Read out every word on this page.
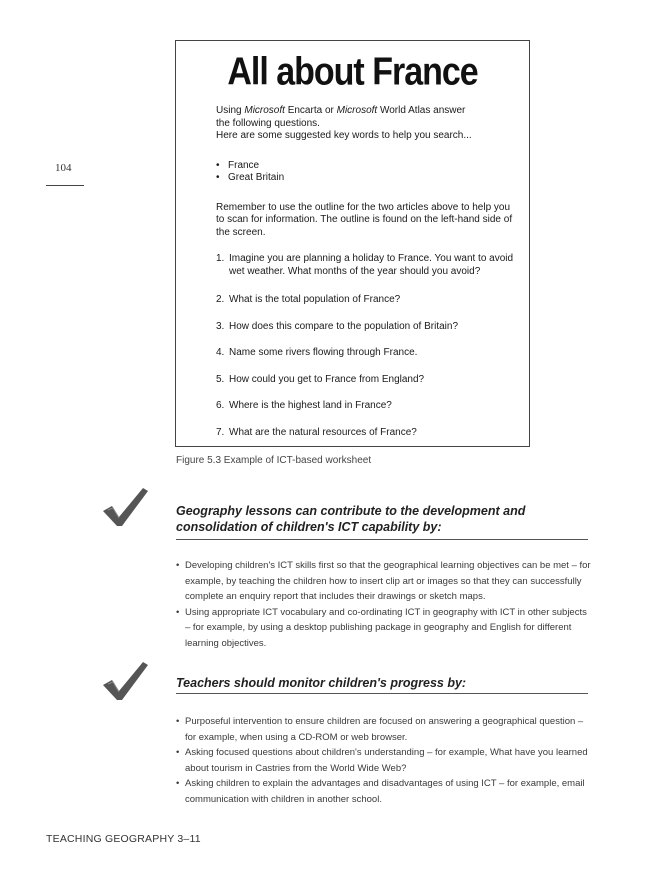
104
All about France

Using Microsoft Encarta or Microsoft World Atlas answer

the following questions.

Here are some suggested key words to help you search...

• France
• Great Britain

Remember to use the outline for the two articles above to help you to scan for information. The outline is found on the left-hand side of the screen.

1. Imagine you are planning a holiday to France. You want to avoid wet weather. What months of the year should you avoid?
2. What is the total population of France?
3. How does this compare to the population of Britain?
4. Name some rivers flowing through France.
5. How could you get to France from England?
6. Where is the highest land in France?
7. What are the natural resources of France?
Figure 5.3 Example of ICT-based worksheet
Geography lessons can contribute to the development and consolidation of children's ICT capability by:
• Developing children's ICT skills first so that the geographical learning objectives can be met – for example, by teaching the children how to insert clip art or images so that they can successfully complete an enquiry report that includes their drawings or sketch maps.
• Using appropriate ICT vocabulary and co-ordinating ICT in geography with ICT in other subjects – for example, by using a desktop publishing package in geography and English for different learning objectives.
Teachers should monitor children's progress by:
• Purposeful intervention to ensure children are focused on answering a geographical question – for example, when using a CD-ROM or web browser.
• Asking focused questions about children's understanding – for example, What have you learned about tourism in Castries from the World Wide Web?
• Asking children to explain the advantages and disadvantages of using ICT – for example, email communication with children in another school.
TEACHING GEOGRAPHY 3–11
